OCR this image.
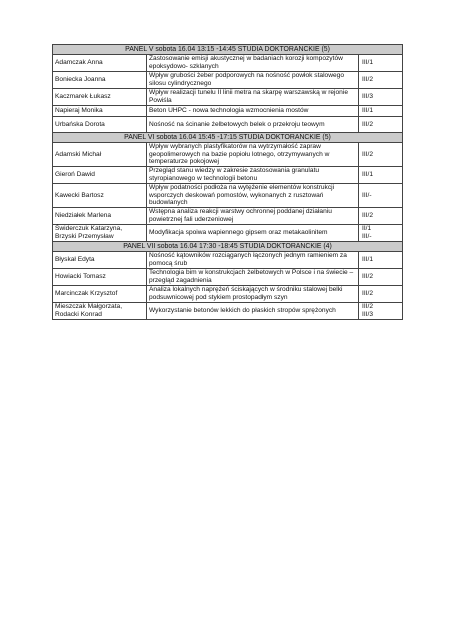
PANEL V sobota 16.04 13:15 -14:45 STUDIA DOKTORANCKIE (5)		
Adamczak Anna	Zastosowanie emisji akustycznej w badaniach korozji kompozytów epoksydowo- szklanych	III/1
Boniecka Joanna	Wpływ grubości żeber podporowych na nośność powłok stalowego silosu cylindrycznego	III/2
Kaczmarek Łukasz	Wpływ realizacji tunelu II linii metra na skarpę warszawską w rejonie Powiśla	III/3
Napieraj Monika	Beton UHPC - nowa technologia wzmocnienia mostów	III/1
Urbańska Dorota	Nośność na ścinanie żelbetowych belek o przekroju teowym	III/2
PANEL VI sobota 16.04 15:45 -17:15 STUDIA DOKTORANCKIE (5)		
Adamski Michał	Wpływ wybranych plastyfikatorów na wytrzymałość zapraw geopolimerowych na bazie popiołu lotnego, otrzymywanych w temperaturze pokojowej	III/2
Gieroń Dawid	Przegląd stanu wiedzy w zakresie zastosowania granulatu styropianowego w technologii betonu	III/1
Kawecki Bartosz	Wpływ podatności podłoża na wytężenie elementów konstrukcji wsporczych deskowań pomostów, wykonanych z rusztowań budowlanych	III/-
Niedziałek Marlena	Wstępna analiza reakcji warstwy ochronnej poddanej działaniu powietrznej fali uderzeniowej	III/2
Świderczuk Katarzyna, Brzyski Przemysław	Modyfikacja spoiwa wapiennego gipsem oraz metakaolinitem	II/1
III/-
PANEL VII sobota 16.04 17:30 -18:45 STUDIA DOKTORANCKIE (4)		
Błyskał Edyta	Nośność kątowników rozciąganych łączonych jednym ramieniem za pomocą śrub	III/1
Howiacki Tomasz	Technologia bim w konstrukcjach żelbetowych w Polsce i na świecie – przegląd zagadnienia	III/2
Marcinczak Krzysztof	Analiza lokalnych naprężeń ściskających w środniku stalowej belki podsuwnicowej pod stykiem prostopadłym szyn	III/2
Mieszczak Małgorzata, Rodacki Konrad	Wykorzystanie betonów lekkich do płaskich stropów sprężonych	III/2
III/3
